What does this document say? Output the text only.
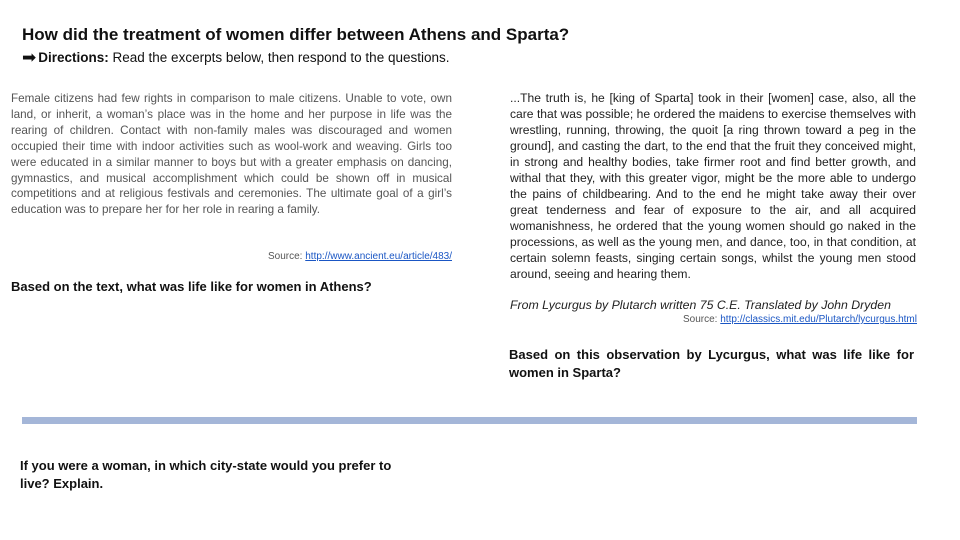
How did the treatment of women differ between Athens and Sparta?
➡ Directions: Read the excerpts below, then respond to the questions.

Female citizens had few rights in comparison to male citizens. Unable to vote, own land, or inherit, a woman’s place was in the home and her purpose in life was the rearing of children. Contact with non-family males was discouraged and women occupied their time with indoor activities such as wool-work and weaving. Girls too were educated in a similar manner to boys but with a greater emphasis on dancing, gymnastics, and musical accomplishment which could be shown off in musical competitions and at religious festivals and ceremonies. The ultimate goal of a girl’s education was to prepare her for her role in rearing a family.

Source: http://www.ancient.eu/article/483/

Based on the text, what was life like for women in Athens?

...The truth is, he [king of Sparta] took in their [women] case, also, all the care that was possible; he ordered the maidens to exercise themselves with wrestling, running, throwing, the quoit [a ring thrown toward a peg in the ground], and casting the dart, to the end that the fruit they conceived might, in strong and healthy bodies, take firmer root and find better growth, and withal that they, with this greater vigor, might be the more able to undergo the pains of childbearing. And to the end he might take away their over great tenderness and fear of exposure to the air, and all acquired womanishness, he ordered that the young women should go naked in the processions, as well as the young men, and dance, too, in that condition, at certain solemn feasts, singing certain songs, whilst the young men stood around, seeing and hearing them.

From Lycurgus by Plutarch written 75 C.E. Translated by John Dryden
Source: http://classics.mit.edu/Plutarch/lycurgus.html

Based on this observation by Lycurgus, what was life like for women in Sparta?

If you were a woman, in which city-state would you prefer to live? Explain.
